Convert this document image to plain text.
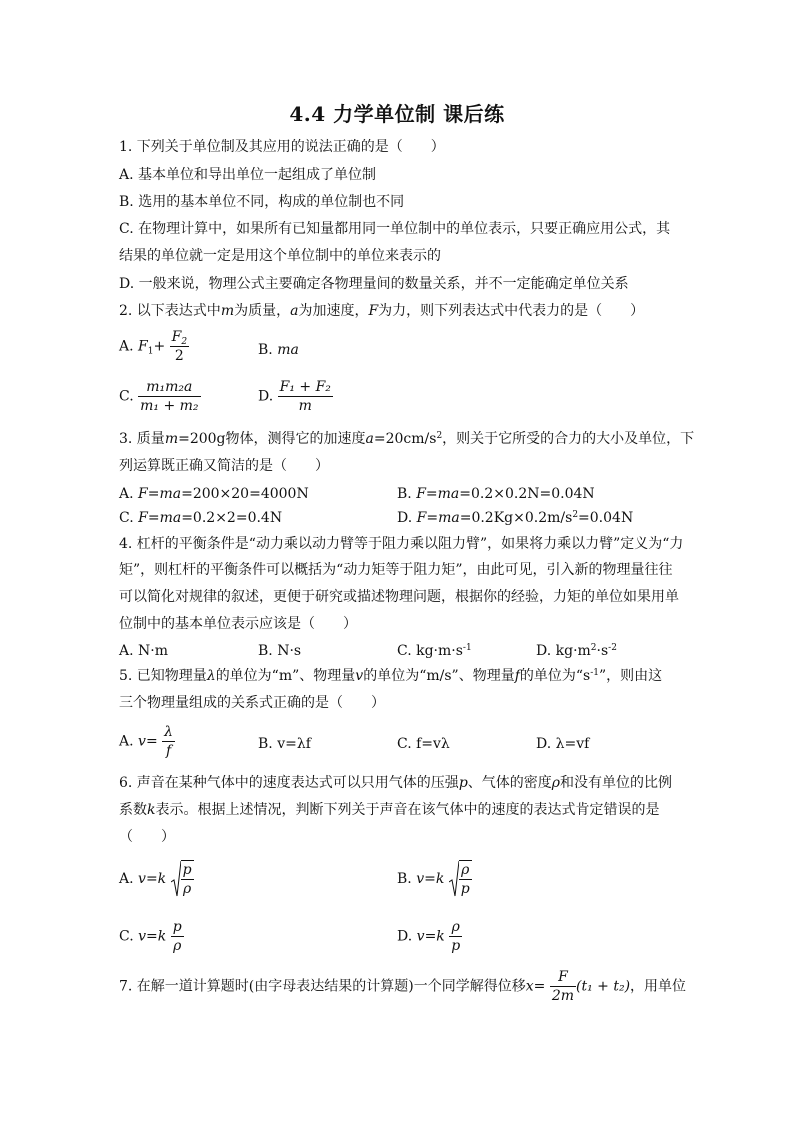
4.4 力学单位制 课后练
1. 下列关于单位制及其应用的说法正确的是（　　）
A. 基本单位和导出单位一起组成了单位制
B. 选用的基本单位不同，构成的单位制也不同
C. 在物理计算中，如果所有已知量都用同一单位制中的单位表示，只要正确应用公式，其
结果的单位就一定是用这个单位制中的单位来表示的
D. 一般来说，物理公式主要确定各物理量间的数量关系，并不一定能确定单位关系
2. 以下表达式中m为质量，a为加速度，F为力，则下列表达式中代表力的是（　　）
A. $F_1+ \frac{F_2}{2}$	B. ma
C. $\frac{\text{m₁m₂a}}{\text{m₁ + m₂}}$	D. $\frac{\text{F₁ + F₂}}{m}$
3. 质量m=200g物体，测得它的加速度$a=20cm/s^2$，则关于它所受的合力的大小及单位，下
列运算既正确又简洁的是（　　）
A. F=ma=200×20=4000N	B. F=ma=0.2×0.2N=0.04N
C. F=ma=0.2×2=0.4N	D. $F=ma=0.2Kg\times 0.2m/s^2=0.04N$
4. 杠杆的平衡条件是“动力乘以动力臂等于阻力乘以阻力臂”，如果将力乘以力臂”定义为“力
矩”，则杠杆的平衡条件可以概括为“动力矩等于阻力矩”，由此可见，引入新的物理量往往
可以简化对规律的叙述，更便于研究或描述物理问题，根据你的经验，力矩的单位如果用单
位制中的基本单位表示应该是（　　）
A. N·m	B. N·s	C. $kg\cdot m\cdot s^{-1}$	D. $kg\cdot m^2\cdot s^{-2}$
5. 已知物理量λ的单位为“m”、物理量v的单位为“m/s”、物理量f的单位为“$s^{-1}$”，则由这
三个物理量组成的关系式正确的是（　　）
A. $v= \frac{\lambda}{f}$	B. v=λf	C. f=vλ	D. λ=vf
6. 声音在某种气体中的速度表达式可以只用气体的压强p、气体的密度ρ和没有单位的比例
系数k表示。根据上述情况，判断下列关于声音在该气体中的速度的表达式肯定错误的是
（　　）
A. $v=k \frac{p}{\rho}$	B. $v=k \frac{\rho}{p}$
C. $v=k \frac{p}{\rho}$	D. $v=k \frac{\rho}{p}$
7. 在解一道计算题时(由字母表达结果的计算题)一个同学解得位移$x= \frac{F}{2m} (t_1 + t_2)$，用单位
